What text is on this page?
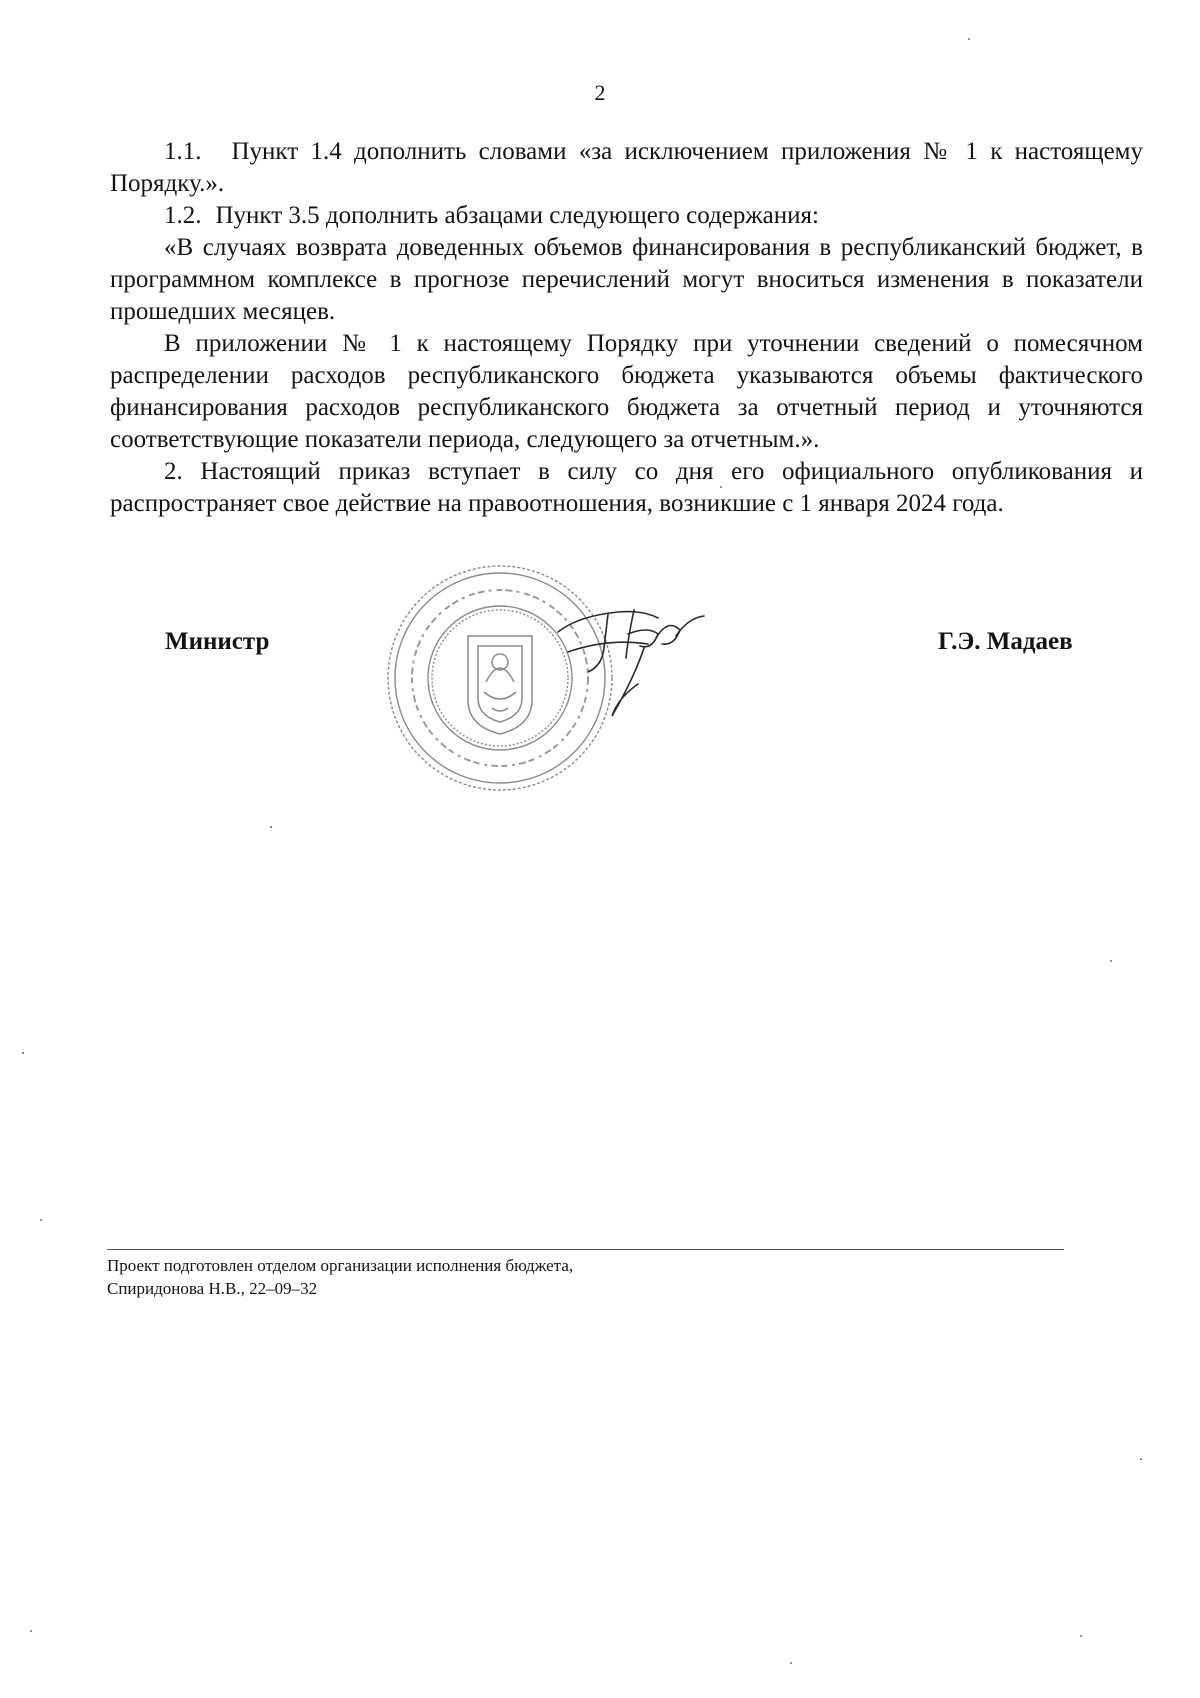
2

1.1. Пункт 1.4 дополнить словами «за исключением приложения № 1 к настоящему Порядку.».

1.2. Пункт 3.5 дополнить абзацами следующего содержания:

«В случаях возврата доведенных объемов финансирования в республиканский бюджет, в программном комплексе в прогнозе перечислений могут вноситься изменения в показатели прошедших месяцев.

В приложении № 1 к настоящему Порядку при уточнении сведений о помесячном распределении расходов республиканского бюджета указываются объемы фактического финансирования расходов республиканского бюджета за отчетный период и уточняются соответствующие показатели периода, следующего за отчетным.».

2. Настоящий приказ вступает в силу со дня его официального опубликования и распространяет свое действие на правоотношения, возникшие с 1 января 2024 года.

Министр	Г.Э. Мадаев
Проект подготовлен отделом организации исполнения бюджета,
Спиридонова Н.В., 22–09–32
